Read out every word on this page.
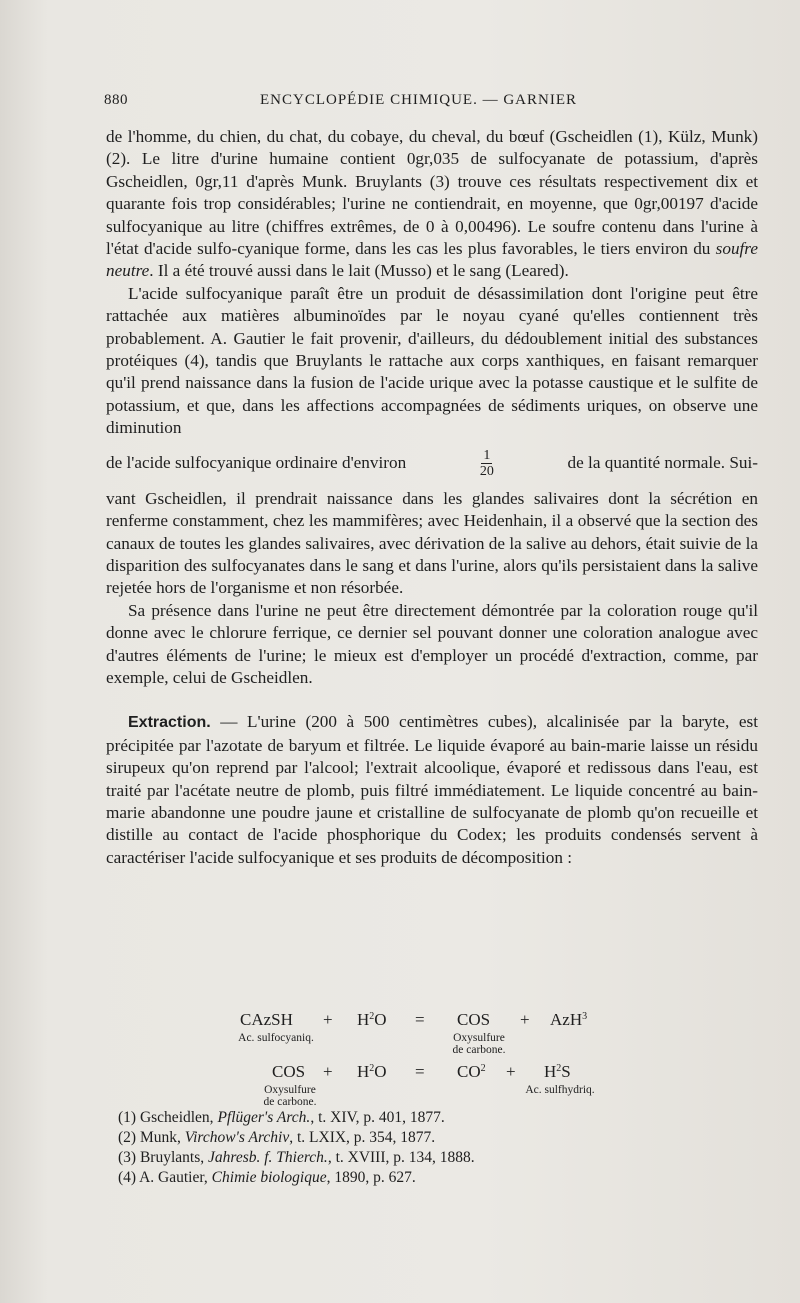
880	ENCYCLOPÉDIE CHIMIQUE. — GARNIER

de l'homme, du chien, du chat, du cobaye, du cheval, du bœuf (Gscheidlen (1), Külz, Munk) (2). Le litre d'urine humaine contient 0gr,035 de sulfocyanate de potassium, d'après Gscheidlen, 0gr,11 d'après Munk. Bruylants (3) trouve ces résultats respectivement dix et quarante fois trop considérables; l'urine ne contiendrait, en moyenne, que 0gr,00197 d'acide sulfocyanique au litre (chiffres extrêmes, de 0 à 0,00496). Le soufre contenu dans l'urine à l'état d'acide sulfo-cyanique forme, dans les cas les plus favorables, le tiers environ du soufre neutre. Il a été trouvé aussi dans le lait (Musso) et le sang (Leared).

L'acide sulfocyanique paraît être un produit de désassimilation dont l'origine peut être rattachée aux matières albuminoïdes par le noyau cyané qu'elles contiennent très probablement. A. Gautier le fait provenir, d'ailleurs, du dédoublement initial des substances protéiques (4), tandis que Bruylants le rattache aux corps xanthiques, en faisant remarquer qu'il prend naissance dans la fusion de l'acide urique avec la potasse caustique et le sulfite de potassium, et que, dans les affections accompagnées de sédiments uriques, on observe une diminution

de l'acide sulfocyanique ordinaire d'environ	$\frac{1}{20}$	de la quantité normale. Sui-

vant Gscheidlen, il prendrait naissance dans les glandes salivaires dont la sécrétion en renferme constamment, chez les mammifères; avec Heidenhain, il a observé que la section des canaux de toutes les glandes salivaires, avec dérivation de la salive au dehors, était suivie de la disparition des sulfocyanates dans le sang et dans l'urine, alors qu'ils persistaient dans la salive rejetée hors de l'organisme et non résorbée.

Sa présence dans l'urine ne peut être directement démontrée par la coloration rouge qu'il donne avec le chlorure ferrique, ce dernier sel pouvant donner une coloration analogue avec d'autres éléments de l'urine; le mieux est d'employer un procédé d'extraction, comme, par exemple, celui de Gscheidlen.

Extraction. — L'urine (200 à 500 centimètres cubes), alcalinisée par la baryte, est précipitée par l'azotate de baryum et filtrée. Le liquide évaporé au bain-marie laisse un résidu sirupeux qu'on reprend par l'alcool; l'extrait alcoolique, évaporé et redissous dans l'eau, est traité par l'acétate neutre de plomb, puis filtré immédiatement. Le liquide concentré au bain-marie abandonne une poudre jaune et cristalline de sulfocyanate de plomb qu'on recueille et distille au contact de l'acide phosphorique du Codex; les produits condensés servent à caractériser l'acide sulfocyanique et ses produits de décomposition :

CAzSH + $H^2O$ = COS + AzH$^3$
Ac. sulfocyaniq.	Oxysulfure
de carbone.
COS + $H^2O = CO^2 + H^2S$
Oxysulfure
de carbone.
Ac. sulfhydriq.
(1) Gscheidlen, Pflüger's Arch., t. XIV, p. 401, 1877.
(2) Munk, Virchow's Archiv, t. LXIX, p. 354, 1877.
(3) Bruylants, Jahresb. f. Thierch., t. XVIII, p. 134, 1888.
(4) A. Gautier, Chimie biologique, 1890, p. 627.
